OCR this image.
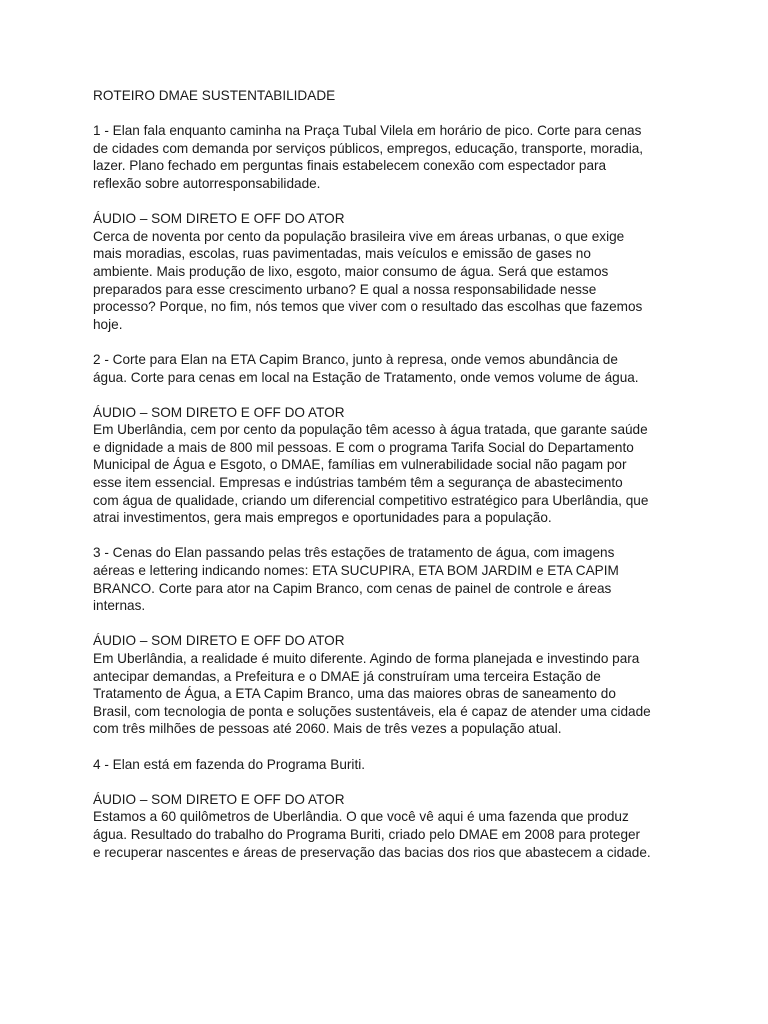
ROTEIRO DMAE SUSTENTABILIDADE

1 - Elan fala enquanto caminha na Praça Tubal Vilela em horário de pico. Corte para cenas
de cidades com demanda por serviços públicos, empregos, educação, transporte, moradia,
lazer. Plano fechado em perguntas finais estabelecem conexão com espectador para
reflexão sobre autorresponsabilidade.

ÁUDIO – SOM DIRETO E OFF DO ATOR
Cerca de noventa por cento da população brasileira vive em áreas urbanas, o que exige
mais moradias, escolas, ruas pavimentadas, mais veículos e emissão de gases no
ambiente. Mais produção de lixo, esgoto, maior consumo de água. Será que estamos
preparados para esse crescimento urbano? E qual a nossa responsabilidade nesse
processo? Porque, no fim, nós temos que viver com o resultado das escolhas que fazemos
hoje.

2 - Corte para Elan na ETA Capim Branco, junto à represa, onde vemos abundância de
água. Corte para cenas em local na Estação de Tratamento, onde vemos volume de água.

ÁUDIO – SOM DIRETO E OFF DO ATOR
Em Uberlândia, cem por cento da população têm acesso à água tratada, que garante saúde
e dignidade a mais de 800 mil pessoas. E com o programa Tarifa Social do Departamento
Municipal de Água e Esgoto, o DMAE, famílias em vulnerabilidade social não pagam por
esse item essencial. Empresas e indústrias também têm a segurança de abastecimento
com água de qualidade, criando um diferencial competitivo estratégico para Uberlândia, que
atrai investimentos, gera mais empregos e oportunidades para a população.

3 - Cenas do Elan passando pelas três estações de tratamento de água, com imagens
aéreas e lettering indicando nomes: ETA SUCUPIRA, ETA BOM JARDIM e ETA CAPIM
BRANCO. Corte para ator na Capim Branco, com cenas de painel de controle e áreas
internas.

ÁUDIO – SOM DIRETO E OFF DO ATOR
Em Uberlândia, a realidade é muito diferente. Agindo de forma planejada e investindo para
antecipar demandas, a Prefeitura e o DMAE já construíram uma terceira Estação de
Tratamento de Água, a ETA Capim Branco, uma das maiores obras de saneamento do
Brasil, com tecnologia de ponta e soluções sustentáveis, ela é capaz de atender uma cidade
com três milhões de pessoas até 2060. Mais de três vezes a população atual.

4 - Elan está em fazenda do Programa Buriti.

ÁUDIO – SOM DIRETO E OFF DO ATOR
Estamos a 60 quilômetros de Uberlândia. O que você vê aqui é uma fazenda que produz
água. Resultado do trabalho do Programa Buriti, criado pelo DMAE em 2008 para proteger
e recuperar nascentes e áreas de preservação das bacias dos rios que abastecem a cidade.
